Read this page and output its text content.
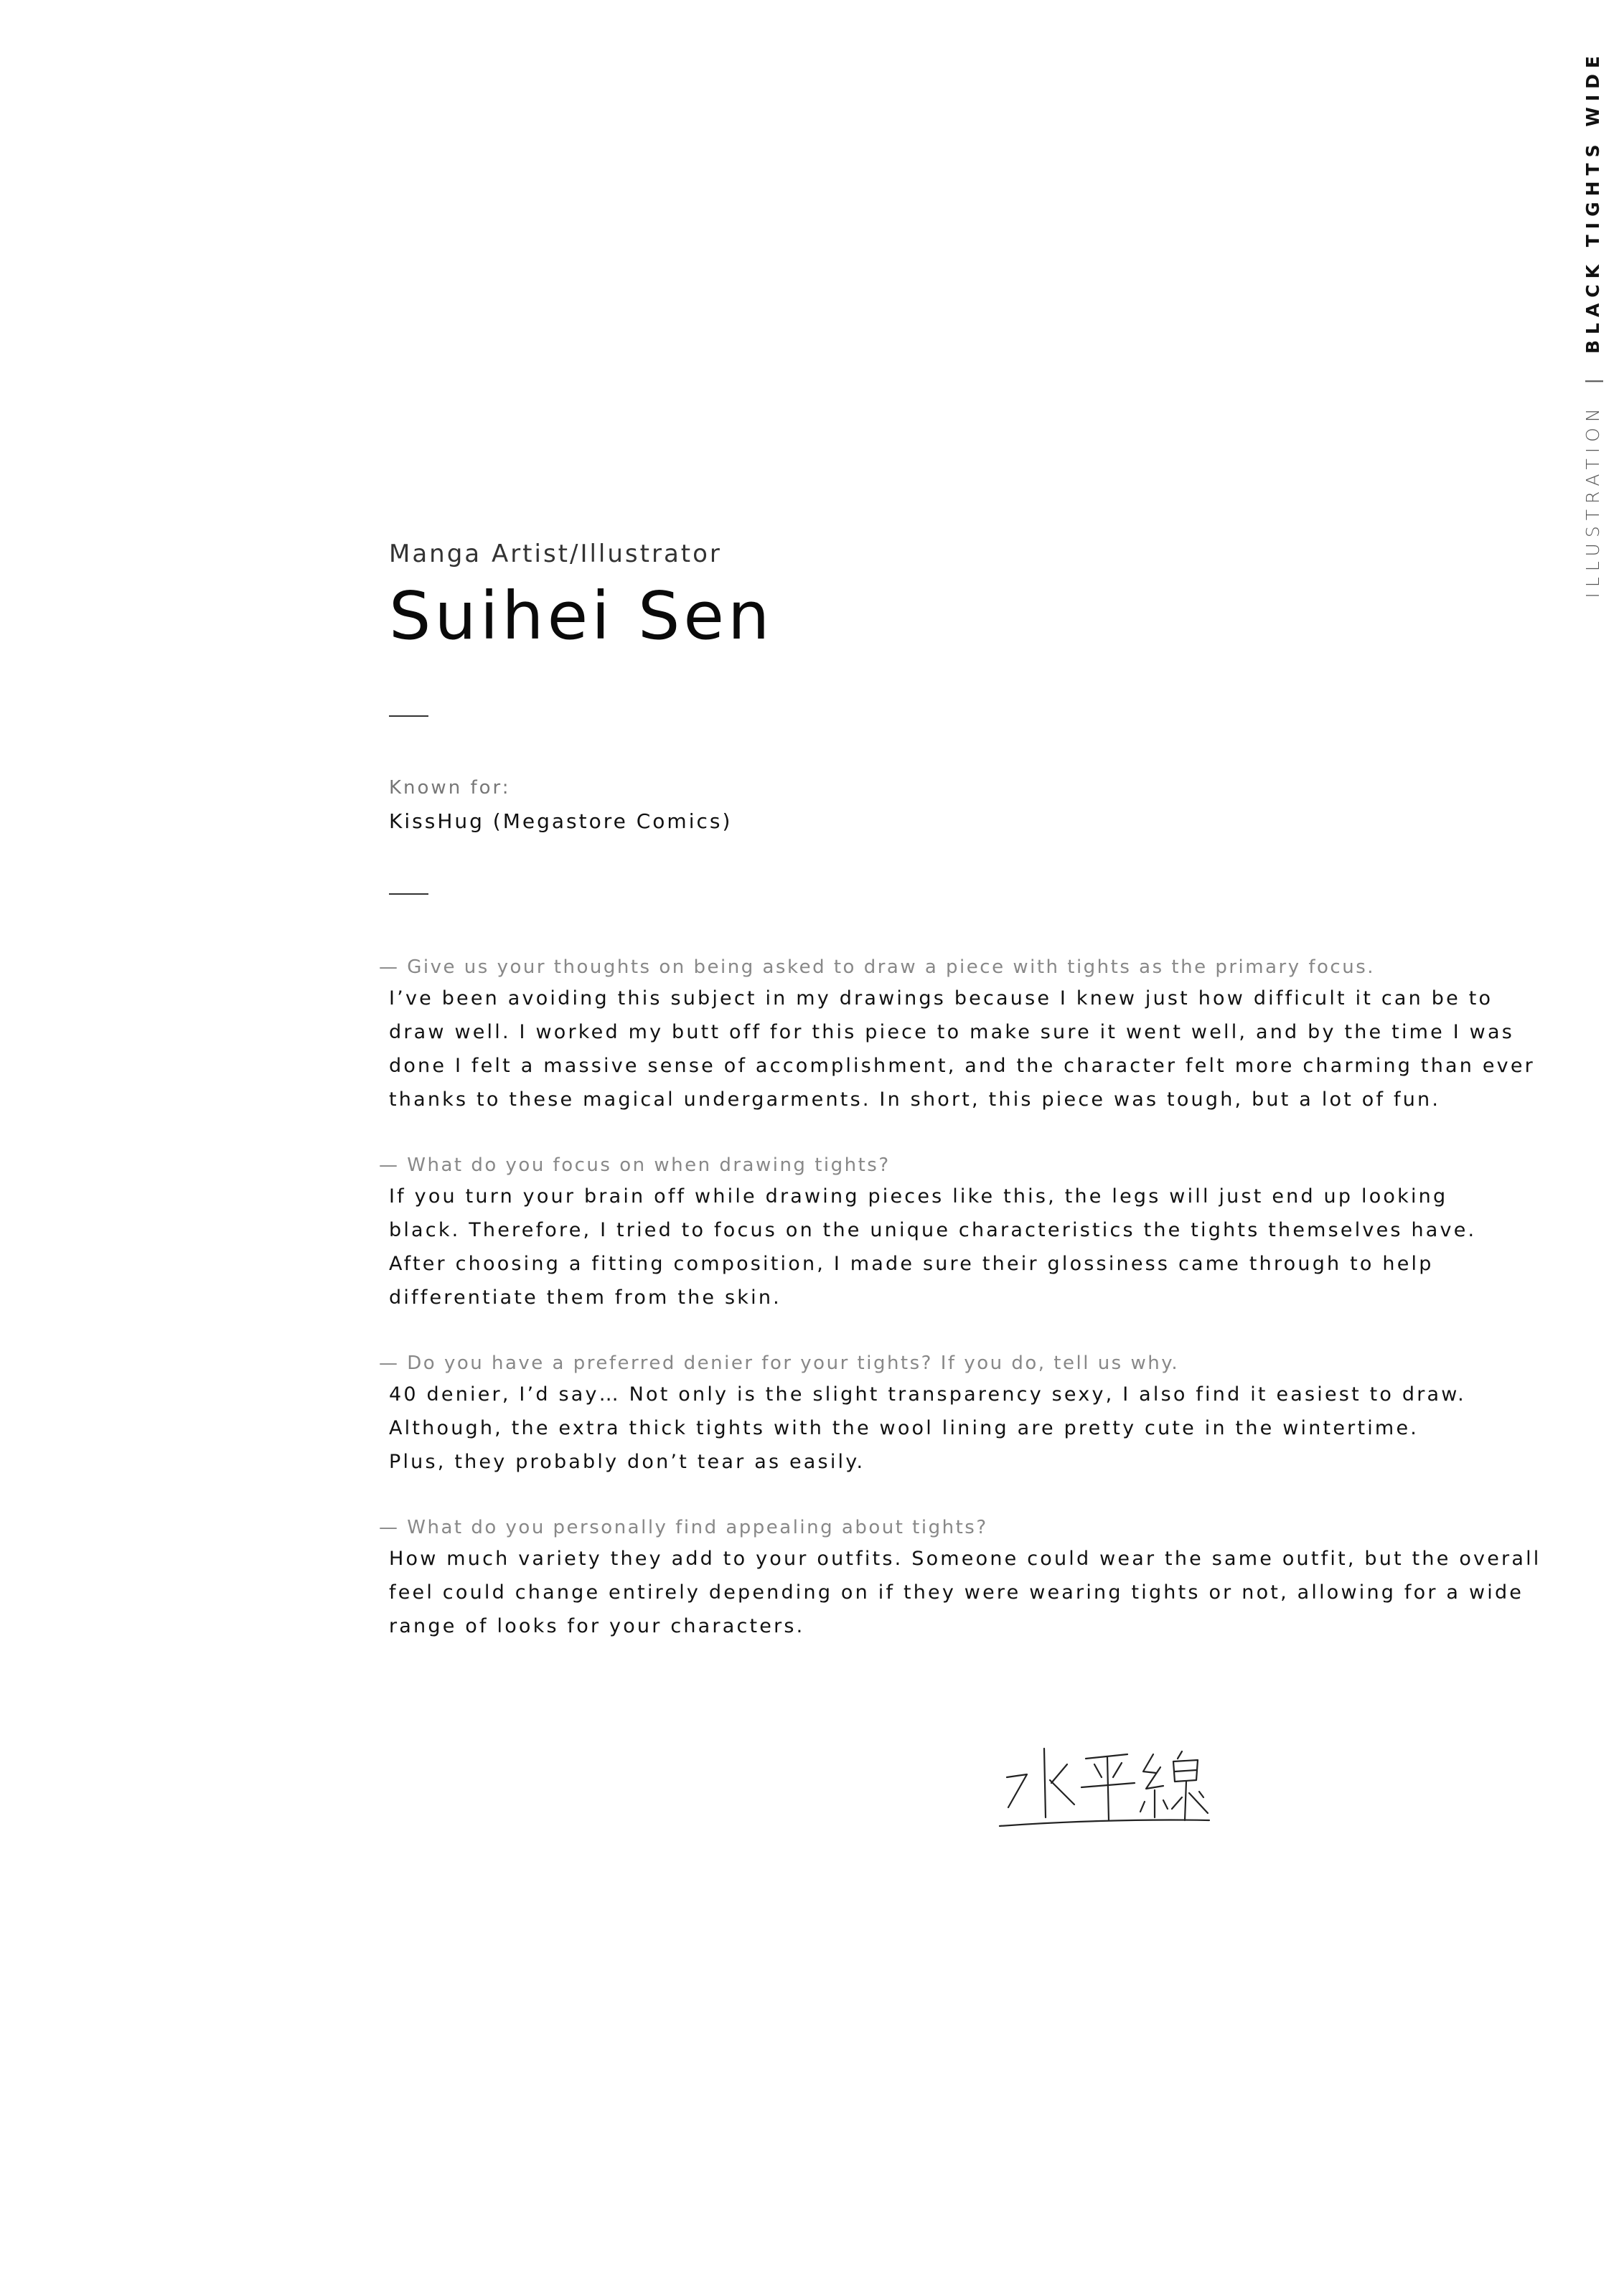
ILLUSTRATION
|
BLACK TIGHTS WIDE
Manga Artist/Illustrator
Suihei Sen
Known for:
KissHug (Megastore Comics)
— Give us your thoughts on being asked to draw a piece with tights as the primary focus.
I’ve been avoiding this subject in my drawings because I knew just how difficult it can be to
draw well. I worked my butt off for this piece to make sure it went well, and by the time I was
done I felt a massive sense of accomplishment, and the character felt more charming than ever
thanks to these magical undergarments. In short, this piece was tough, but a lot of fun.
— What do you focus on when drawing tights?
If you turn your brain off while drawing pieces like this, the legs will just end up looking
black. Therefore, I tried to focus on the unique characteristics the tights themselves have.
After choosing a fitting composition, I made sure their glossiness came through to help
differentiate them from the skin.
— Do you have a preferred denier for your tights? If you do, tell us why.
40 denier, I’d say… Not only is the slight transparency sexy, I also find it easiest to draw.
Although, the extra thick tights with the wool lining are pretty cute in the wintertime.
Plus, they probably don’t tear as easily.
— What do you personally find appealing about tights?
How much variety they add to your outfits. Someone could wear the same outfit, but the overall
feel could change entirely depending on if they were wearing tights or not, allowing for a wide
range of looks for your characters.
